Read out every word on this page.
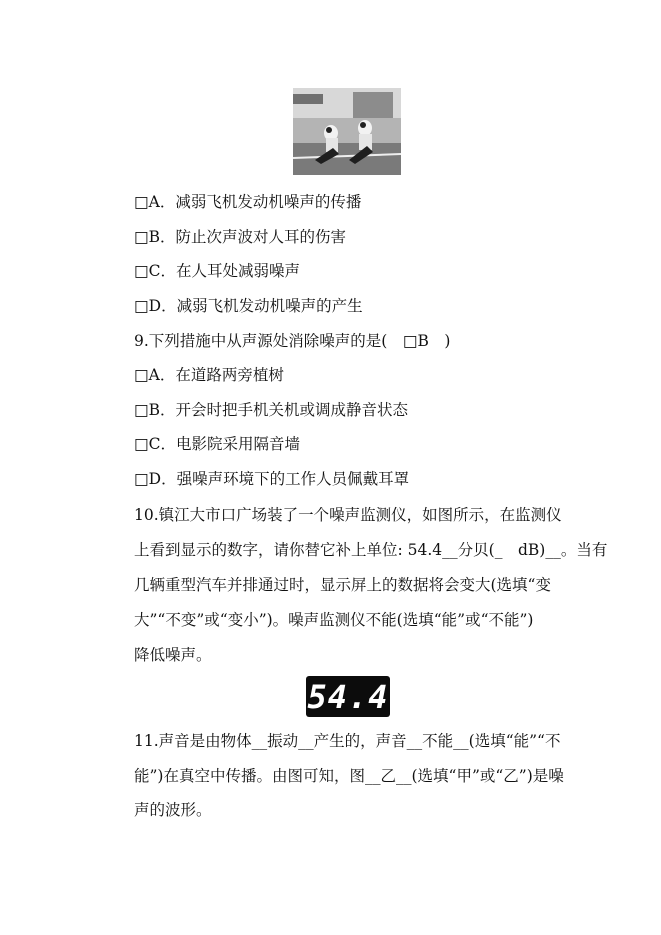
□A．减弱飞机发动机噪声的传播
□B．防止次声波对人耳的伤害
□C．在人耳处减弱噪声
□D．减弱飞机发动机噪声的产生
9.下列措施中从声源处消除噪声的是(　□B　)
□A．在道路两旁植树
□B．开会时把手机关机或调成静音状态
□C．电影院采用隔音墙
□D．强噪声环境下的工作人员佩戴耳罩
10.镇江大市口广场装了一个噪声监测仪，如图所示，在监测仪
上看到显示的数字，请你替它补上单位: 54.4__分贝(_　dB)__。当有
几辆重型汽车并排通过时，显示屏上的数据将会变大(选填“变
大”“不变”或“变小”)。噪声监测仪不能(选填“能”或“不能”)
降低噪声。
54.4
11.声音是由物体__振动__产生的，声音__不能__(选填“能”“不
能”)在真空中传播。由图可知，图__乙__(选填“甲”或“乙”)是噪
声的波形。
